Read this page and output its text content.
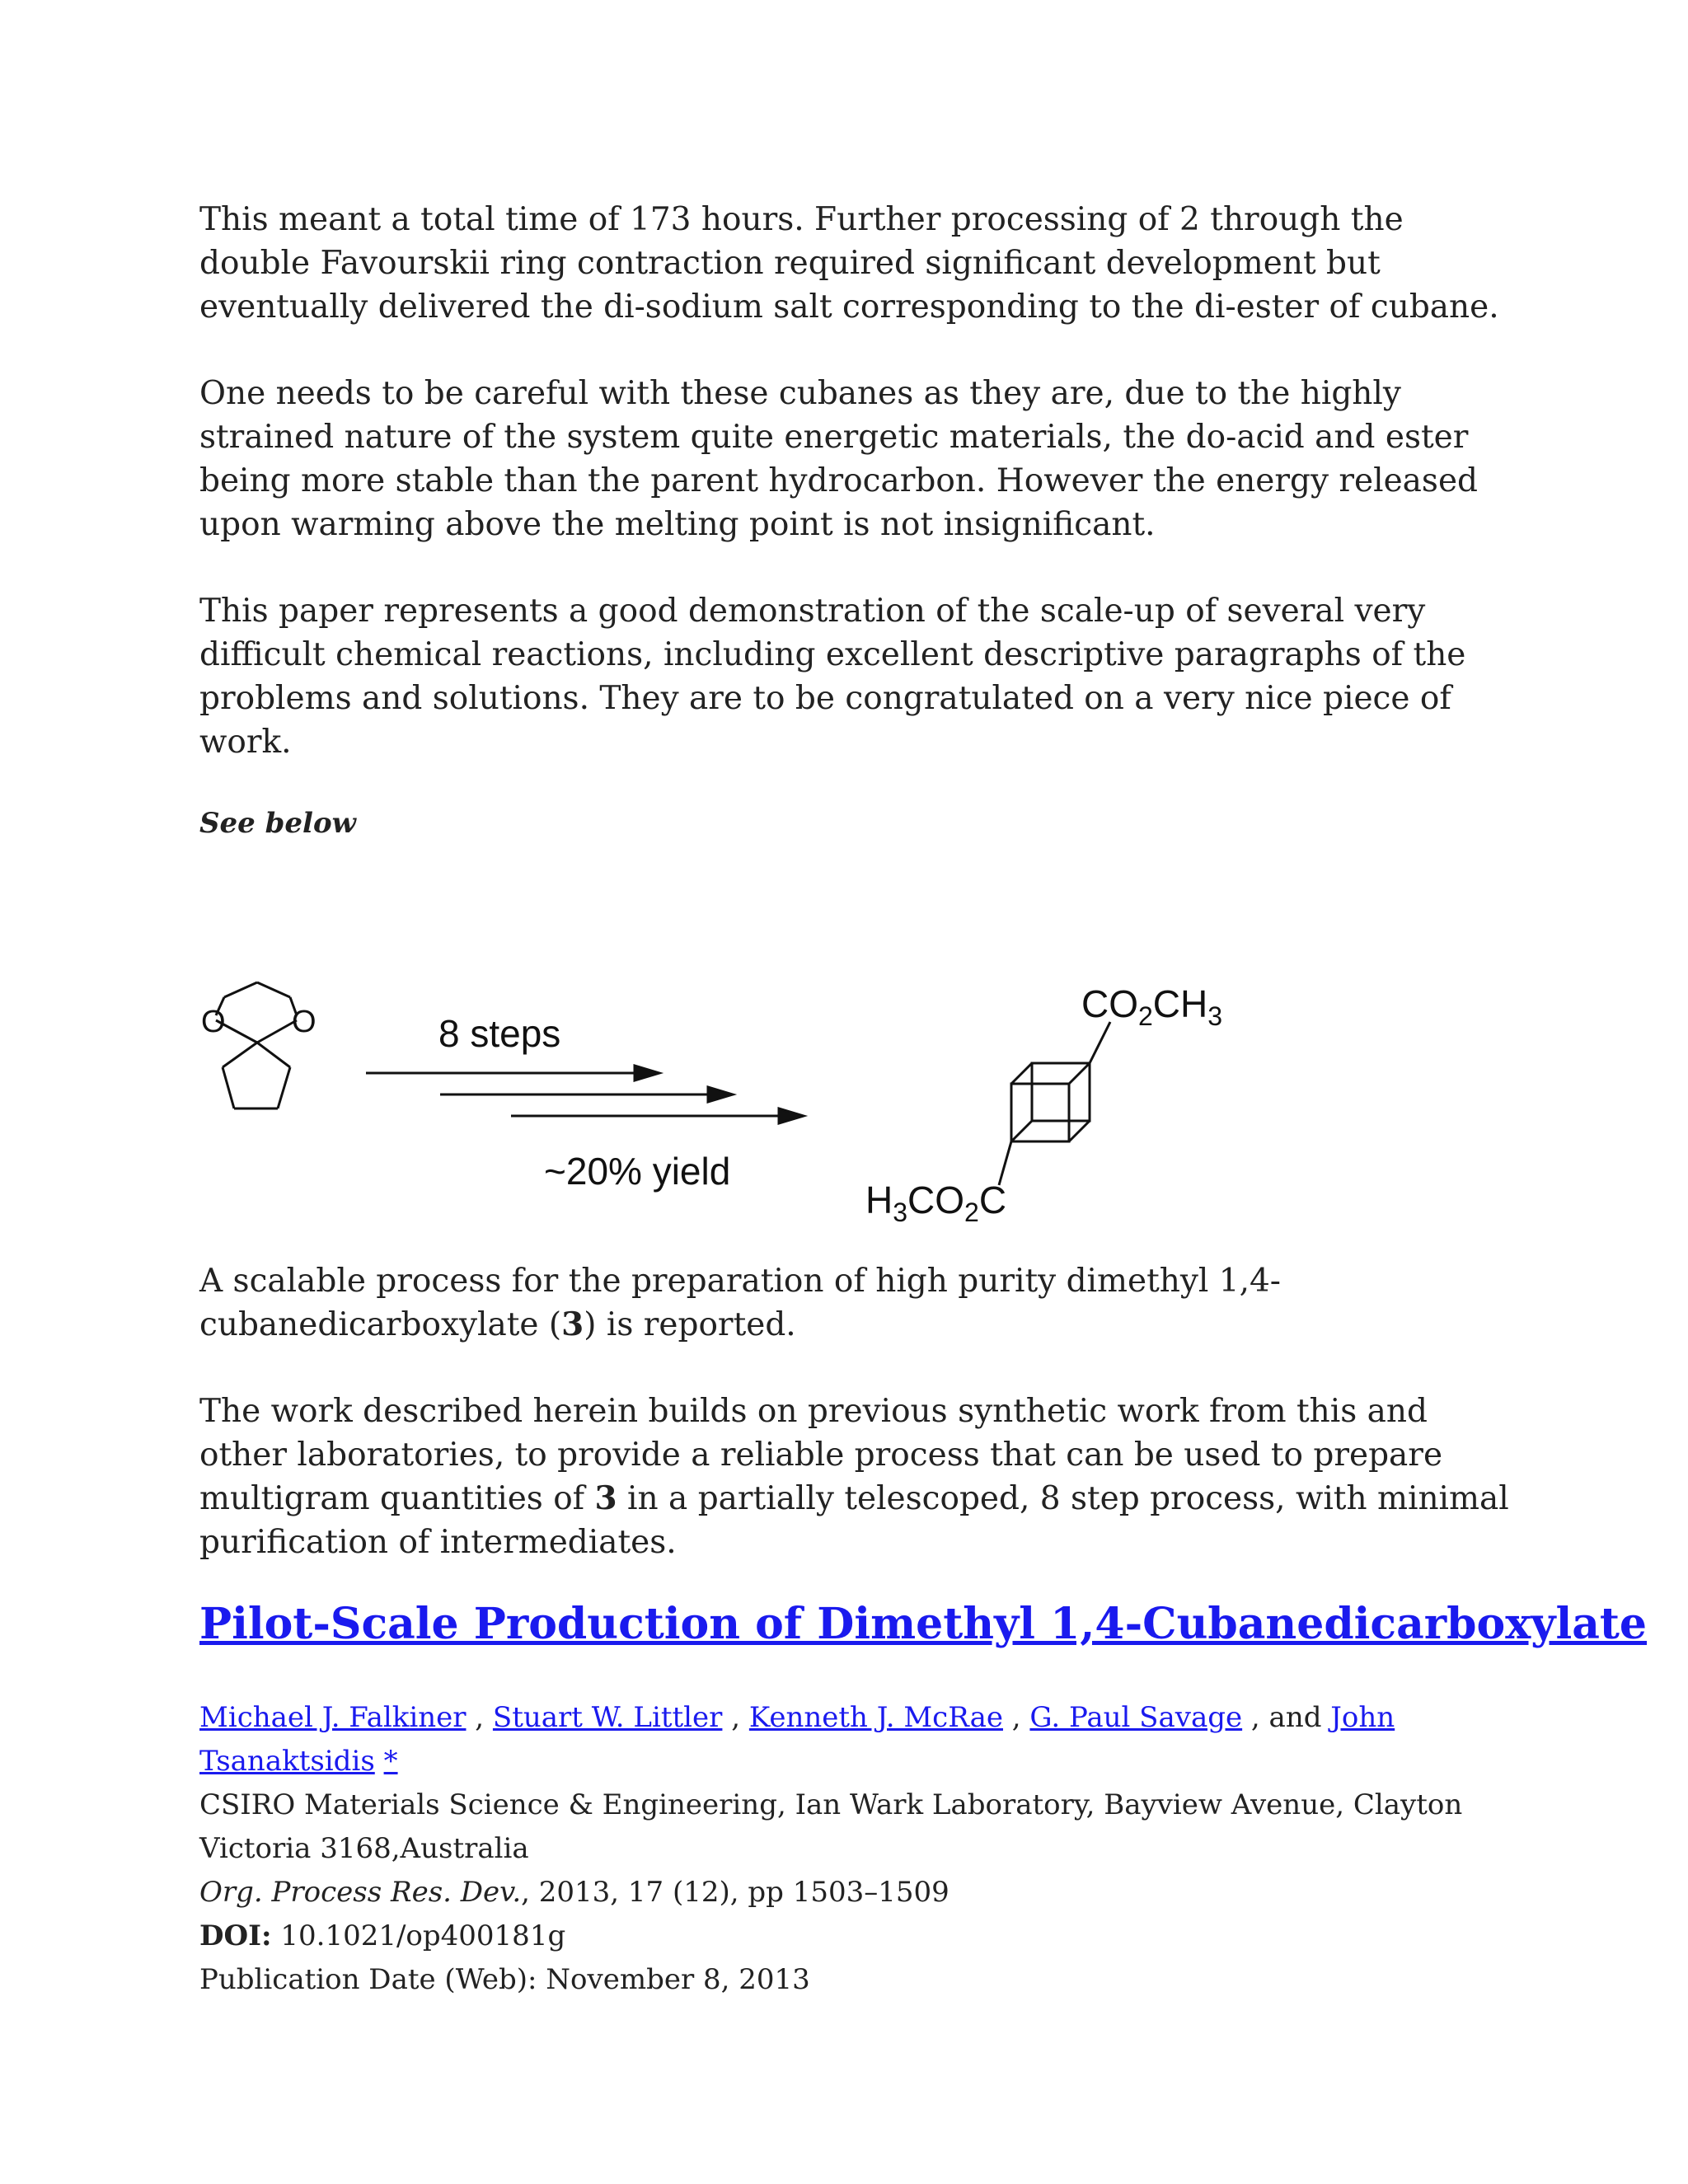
This meant a total time of 173 hours. Further processing of 2 through the double Favourskii ring contraction required significant development but eventually delivered the di-sodium salt corresponding to the di-ester of cubane.

One needs to be careful with these cubanes as they are, due to the highly strained nature of the system quite energetic materials, the do-acid and ester being more stable than the parent hydrocarbon. However the energy released upon warming above the melting point is not insignificant.

This paper represents a good demonstration of the scale-up of several very difficult chemical reactions, including excellent descriptive paragraphs of the problems and solutions. They are to be congratulated on a very nice piece of work.

See below

O O	8 steps
~20% yield
$CO_2CH_3$
$H_3CO_2C$

A scalable process for the preparation of high purity dimethyl 1,4-cubanedicarboxylate (3) is reported.

The work described herein builds on previous synthetic work from this and other laboratories, to provide a reliable process that can be used to prepare multigram quantities of 3 in a partially telescoped, 8 step process, with minimal purification of intermediates.

Pilot-Scale Production of Dimethyl 1,4-Cubanedicarboxylate
Michael J. Falkiner , Stuart W. Littler , Kenneth J. McRae , G. Paul Savage , and John Tsanaktsidis *
CSIRO Materials Science & Engineering, Ian Wark Laboratory, Bayview Avenue, Clayton Victoria 3168,Australia
Org. Process Res. Dev., 2013, 17 (12), pp 1503–1509
DOI: 10.1021/op400181g
Publication Date (Web): November 8, 2013
